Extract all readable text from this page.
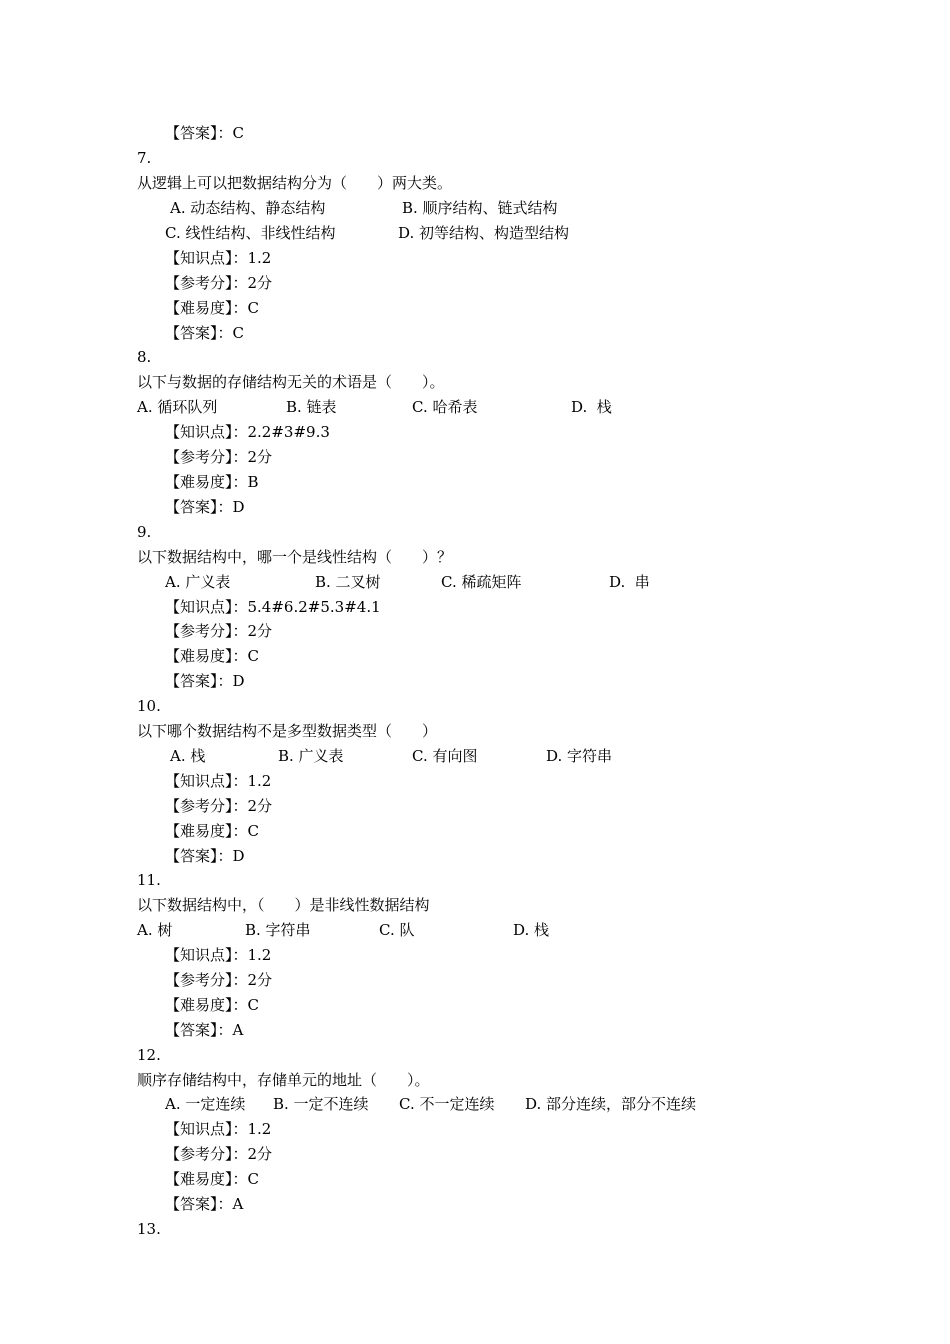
【答案】：C
7.
从逻辑上可以把数据结构分为（　　）两大类。
A. 动态结构、静态结构	B. 顺序结构、链式结构
C. 线性结构、非线性结构	D. 初等结构、构造型结构
【知识点】：1.2
【参考分】：2分
【难易度】：C
【答案】：C
8.
以下与数据的存储结构无关的术语是（　　）。
A. 循环队列	B. 链表	C. 哈希表	D.  栈
【知识点】：2.2#3#9.3
【参考分】：2分
【难易度】：B
【答案】：D
9.
以下数据结构中，哪一个是线性结构（　　）？
A. 广义表	B. 二叉树	C. 稀疏矩阵	D.  串
【知识点】：5.4#6.2#5.3#4.1
【参考分】：2分
【难易度】：C
【答案】：D
10.
以下哪个数据结构不是多型数据类型（　　）
A. 栈	B. 广义表	C. 有向图	D. 字符串
【知识点】：1.2
【参考分】：2分
【难易度】：C
【答案】：D
11.
以下数据结构中，（　　）是非线性数据结构
A. 树	B. 字符串	C. 队	D. 栈
【知识点】：1.2
【参考分】：2分
【难易度】：C
【答案】：A
12.
顺序存储结构中，存储单元的地址（　　）。
A. 一定连续 B. 一定不连续 C. 不一定连续 D. 部分连续，部分不连续
【知识点】：1.2
【参考分】：2分
【难易度】：C
【答案】：A
13.
